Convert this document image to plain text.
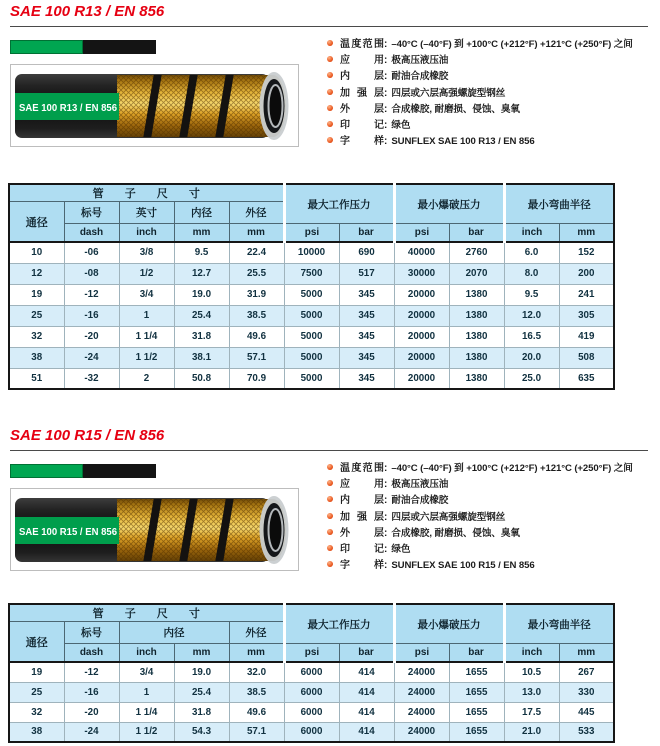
SAE 100 R13 / EN 856
SAE 100 R13 / EN 856
温度范围 : –40°C (–40°F) 到 +100°C (+212°F) +121°C (+250°F) 之间
应用 : 极高压液压油
内层 : 耐油合成橡胶
加强层 : 四层或六层高强螺旋型钢丝
外层 : 合成橡胶, 耐磨损、侵蚀、臭氧
印记 : 绿色
字样 : SUNFLEX SAE 100 R13 / EN 856
管 子 尺 寸					最大工作压力		最小爆破压力		最小弯曲半径	
通径	标号	英寸	内径	外径						
	dash	inch	mm	mm	psi	bar	psi	bar	inch	mm
10	-06	3/8	9.5	22.4	10000	690	40000	2760	6.0	152
12	-08	1/2	12.7	25.5	7500	517	30000	2070	8.0	200
19	-12	3/4	19.0	31.9	5000	345	20000	1380	9.5	241
25	-16	1	25.4	38.5	5000	345	20000	1380	12.0	305
32	-20	1 1/4	31.8	49.6	5000	345	20000	1380	16.5	419
38	-24	1 1/2	38.1	57.1	5000	345	20000	1380	20.0	508
51	-32	2	50.8	70.9	5000	345	20000	1380	25.0	635
SAE 100 R15 / EN 856
SAE 100 R15 / EN 856
温度范围 : –40°C (–40°F) 到 +100°C (+212°F) +121°C (+250°F) 之间
应用 : 极高压液压油
内层 : 耐油合成橡胶
加强层 : 四层或六层高强螺旋型钢丝
外层 : 合成橡胶, 耐磨损、侵蚀、臭氧
印记 : 绿色
字样 : SUNFLEX SAE 100 R15 / EN 856
管 子 尺 寸					最大工作压力		最小爆破压力		最小弯曲半径	
通径	标号	内径		外径						
	dash	inch	mm	mm	psi	bar	psi	bar	inch	mm
19	-12	3/4	19.0	32.0	6000	414	24000	1655	10.5	267
25	-16	1	25.4	38.5	6000	414	24000	1655	13.0	330
32	-20	1 1/4	31.8	49.6	6000	414	24000	1655	17.5	445
38	-24	1 1/2	54.3	57.1	6000	414	24000	1655	21.0	533
